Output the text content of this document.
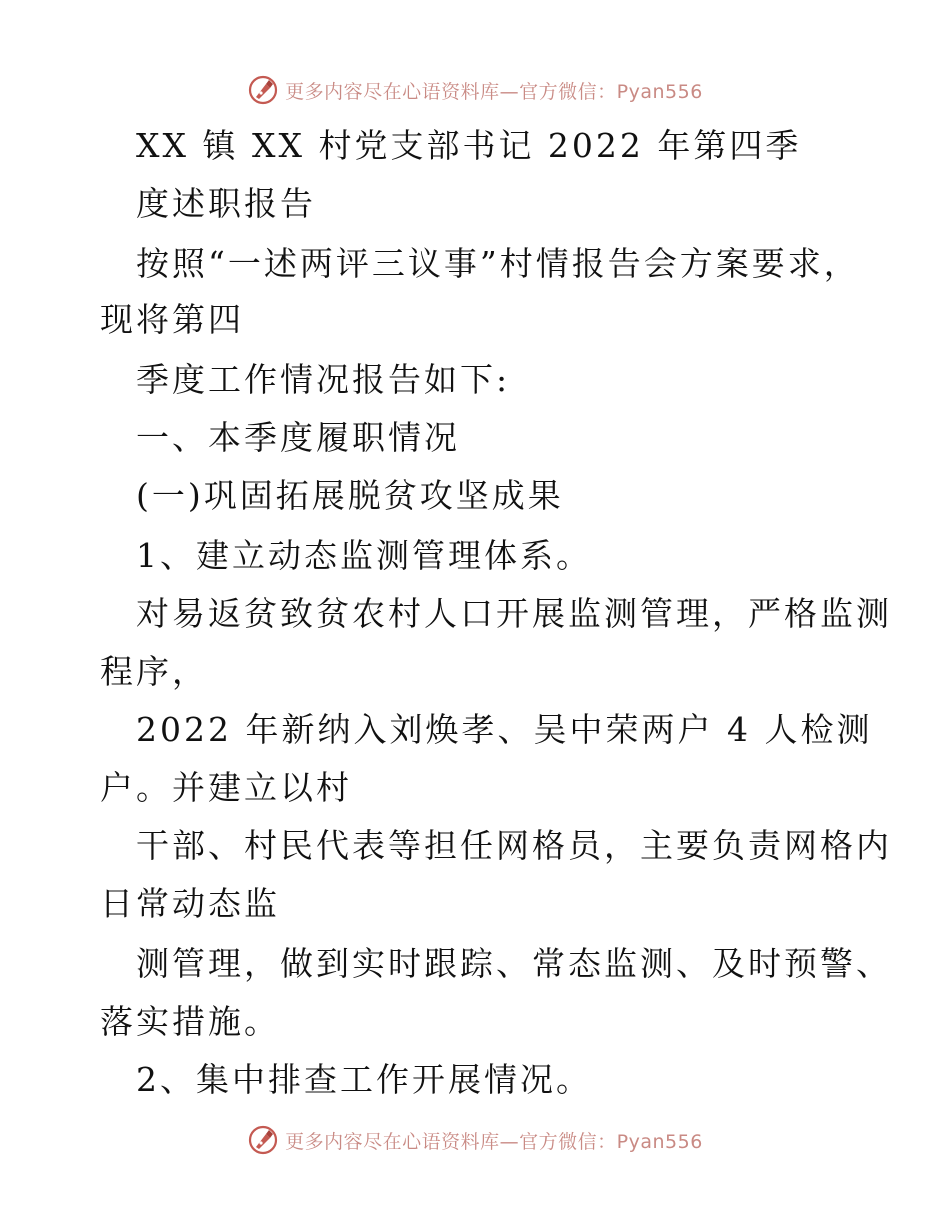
更多内容尽在心语资料库—官方微信：Pyan556
XX 镇 XX 村党支部书记 2022 年第四季
度述职报告
按照“一述两评三议事”村情报告会方案要求，
现将第四
季度工作情况报告如下:
一、本季度履职情况
(一)巩固拓展脱贫攻坚成果
1、建立动态监测管理体系。
对易返贫致贫农村人口开展监测管理，严格监测
程序，
2022 年新纳入刘焕孝、吴中荣两户 4 人检测
户。并建立以村
干部、村民代表等担任网格员，主要负责网格内
日常动态监
测管理，做到实时跟踪、常态监测、及时预警、
落实措施。
2、集中排查工作开展情况。
更多内容尽在心语资料库—官方微信：Pyan556
